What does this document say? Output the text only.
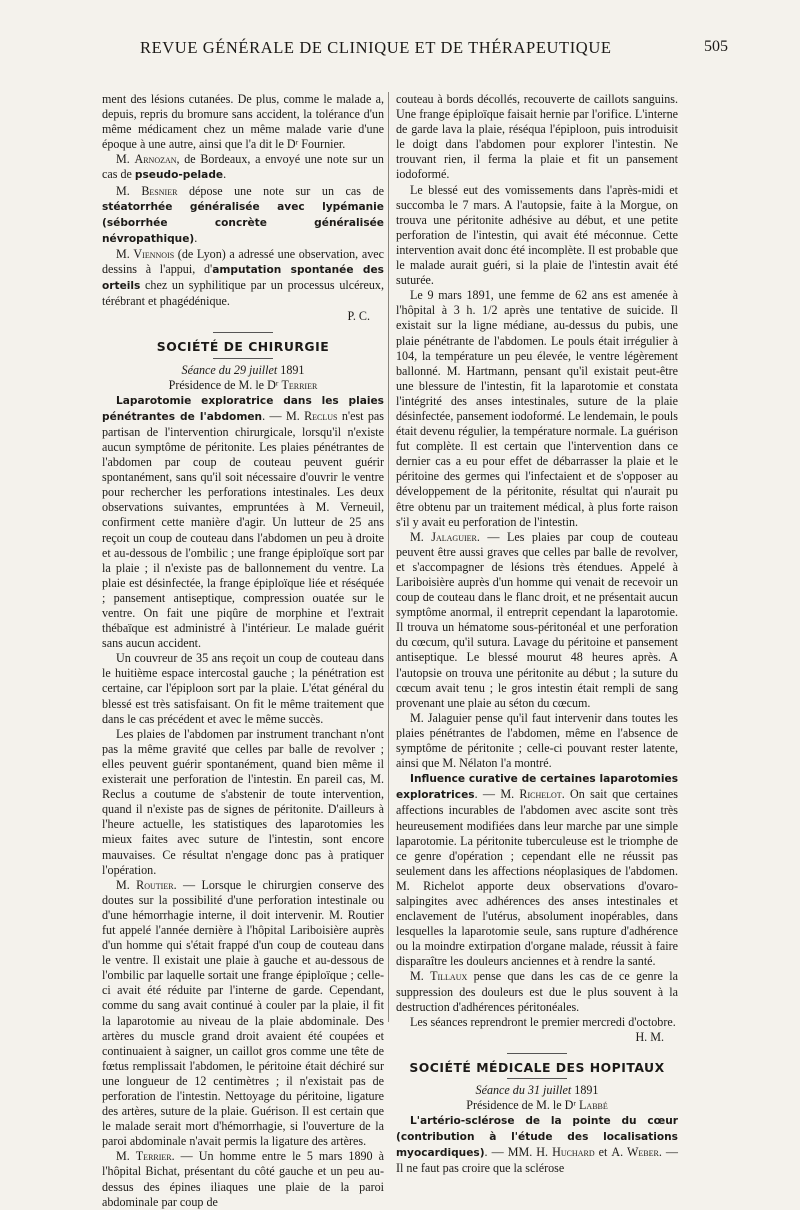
REVUE GÉNÉRALE DE CLINIQUE ET DE THÉRAPEUTIQUE	505

ment des lésions cutanées. De plus, comme le malade a, depuis, repris du bromure sans accident, la tolérance d'un même médicament chez un même malade varie d'une époque à une autre, ainsi que l'a dit le Dʳ Fournier.

M. Arnozan, de Bordeaux, a envoyé une note sur un cas de pseudo-pelade.

M. Besnier dépose une note sur un cas de stéatorrhée généralisée avec lypémanie (séborrhée concrète généralisée névropathique).

M. Viennois (de Lyon) a adressé une observation, avec dessins à l'appui, d'amputation spontanée des orteils chez un syphilitique par un processus ulcéreux, térébrant et phagédénique.

P. C.

SOCIÉTÉ DE CHIRURGIE

Séance du 29 juillet 1891

Présidence de M. le Dʳ Terrier

Laparotomie exploratrice dans les plaies pénétrantes de l'abdomen. — M. Reclus n'est pas partisan de l'intervention chirurgicale, lorsqu'il n'existe aucun symptôme de péritonite. Les plaies pénétrantes de l'abdomen par coup de couteau peuvent guérir spontanément, sans qu'il soit nécessaire d'ouvrir le ventre pour rechercher les perforations intestinales. Les deux observations suivantes, empruntées à M. Verneuil, confirment cette manière d'agir. Un lutteur de 25 ans reçoit un coup de couteau dans l'abdomen un peu à droite et au-dessous de l'ombilic ; une frange épiploïque sort par la plaie ; il n'existe pas de ballonnement du ventre. La plaie est désinfectée, la frange épiploïque liée et réséquée ; pansement antiseptique, compression ouatée sur le ventre. On fait une piqûre de morphine et l'extrait thébaïque est administré à l'intérieur. Le malade guérit sans aucun accident.

Un couvreur de 35 ans reçoit un coup de couteau dans le huitième espace intercostal gauche ; la pénétration est certaine, car l'épiploon sort par la plaie. L'état général du blessé est très satisfaisant. On fit le même traitement que dans le cas précédent et avec le même succès.

Les plaies de l'abdomen par instrument tranchant n'ont pas la même gravité que celles par balle de revolver ; elles peuvent guérir spontanément, quand bien même il existerait une perforation de l'intestin. En pareil cas, M. Reclus a coutume de s'abstenir de toute intervention, quand il n'existe pas de signes de péritonite. D'ailleurs à l'heure actuelle, les statistiques des laparotomies les mieux faites avec suture de l'intestin, sont encore mauvaises. Ce résultat n'engage donc pas à pratiquer l'opération.

M. Routier. — Lorsque le chirurgien conserve des doutes sur la possibilité d'une perforation intestinale ou d'une hémorrhagie interne, il doit intervenir. M. Routier fut appelé l'année dernière à l'hôpital Lariboisière auprès d'un homme qui s'était frappé d'un coup de couteau dans le ventre. Il existait une plaie à gauche et au-dessous de l'ombilic par laquelle sortait une frange épiploïque ; celle-ci avait été réduite par l'interne de garde. Cependant, comme du sang avait continué à couler par la plaie, il fit la laparotomie au niveau de la plaie abdominale. Des artères du muscle grand droit avaient été coupées et continuaient à saigner, un caillot gros comme une tête de fœtus remplissait l'abdomen, le péritoine était déchiré sur une longueur de 12 centimètres ; il n'existait pas de perforation de l'intestin. Nettoyage du péritoine, ligature des artères, suture de la plaie. Guérison. Il est certain que le malade serait mort d'hémorrhagie, si l'ouverture de la paroi abdominale n'avait permis la ligature des artères.

M. Terrier. — Un homme entre le 5 mars 1890 à l'hôpital Bichat, présentant du côté gauche et un peu au-dessus des épines iliaques une plaie de la paroi abdominale par coup de

couteau à bords décollés, recouverte de caillots sanguins. Une frange épiploïque faisait hernie par l'orifice. L'interne de garde lava la plaie, réséqua l'épiploon, puis introduisit le doigt dans l'abdomen pour explorer l'intestin. Ne trouvant rien, il ferma la plaie et fit un pansement iodoformé.

Le blessé eut des vomissements dans l'après-midi et succomba le 7 mars. A l'autopsie, faite à la Morgue, on trouva une péritonite adhésive au début, et une petite perforation de l'intestin, qui avait été méconnue. Cette intervention avait donc été incomplète. Il est probable que le malade aurait guéri, si la plaie de l'intestin avait été suturée.

Le 9 mars 1891, une femme de 62 ans est amenée à l'hôpital à 3 h. 1/2 après une tentative de suicide. Il existait sur la ligne médiane, au-dessus du pubis, une plaie pénétrante de l'abdomen. Le pouls était irrégulier à 104, la température un peu élevée, le ventre légèrement ballonné. M. Hartmann, pensant qu'il existait peut-être une blessure de l'intestin, fit la laparotomie et constata l'intégrité des anses intestinales, suture de la plaie désinfectée, pansement iodoformé. Le lendemain, le pouls était devenu régulier, la température normale. La guérison fut complète. Il est certain que l'intervention dans ce dernier cas a eu pour effet de débarrasser la plaie et le péritoine des germes qui l'infectaient et de s'opposer au développement de la péritonite, résultat qui n'aurait pu être obtenu par un traitement médical, à plus forte raison s'il y avait eu perforation de l'intestin.

M. Jalaguier. — Les plaies par coup de couteau peuvent être aussi graves que celles par balle de revolver, et s'accompagner de lésions très étendues. Appelé à Lariboisière auprès d'un homme qui venait de recevoir un coup de couteau dans le flanc droit, et ne présentait aucun symptôme anormal, il entreprit cependant la laparotomie. Il trouva un hématome sous-péritonéal et une perforation du cœcum, qu'il sutura. Lavage du péritoine et pansement antiseptique. Le blessé mourut 48 heures après. A l'autopsie on trouva une péritonite au début ; la suture du cœcum avait tenu ; le gros intestin était rempli de sang provenant une plaie au séton du cœcum.

M. Jalaguier pense qu'il faut intervenir dans toutes les plaies pénétrantes de l'abdomen, même en l'absence de symptôme de péritonite ; celle-ci pouvant rester latente, ainsi que M. Nélaton l'a montré.

Influence curative de certaines laparotomies exploratrices. — M. Richelot. On sait que certaines affections incurables de l'abdomen avec ascite sont très heureusement modifiées dans leur marche par une simple laparotomie. La péritonite tuberculeuse est le triomphe de ce genre d'opération ; cependant elle ne réussit pas seulement dans les affections néoplasiques de l'abdomen. M. Richelot apporte deux observations d'ovaro-salpingites avec adhérences des anses intestinales et enclavement de l'utérus, absolument inopérables, dans lesquelles la laparotomie seule, sans rupture d'adhérence ou la moindre extirpation d'organe malade, réussit à faire disparaître les douleurs anciennes et à rendre la santé.

M. Tillaux pense que dans les cas de ce genre la suppression des douleurs est due le plus souvent à la destruction d'adhérences péritonéales.

Les séances reprendront le premier mercredi d'octobre.

H. M.

SOCIÉTÉ MÉDICALE DES HOPITAUX

Séance du 31 juillet 1891

Présidence de M. le Dʳ Labbé

L'artério-sclérose de la pointe du cœur (contribution à l'étude des localisations myocardiques). — MM. H. Huchard et A. Weber. — Il ne faut pas croire que la sclérose
